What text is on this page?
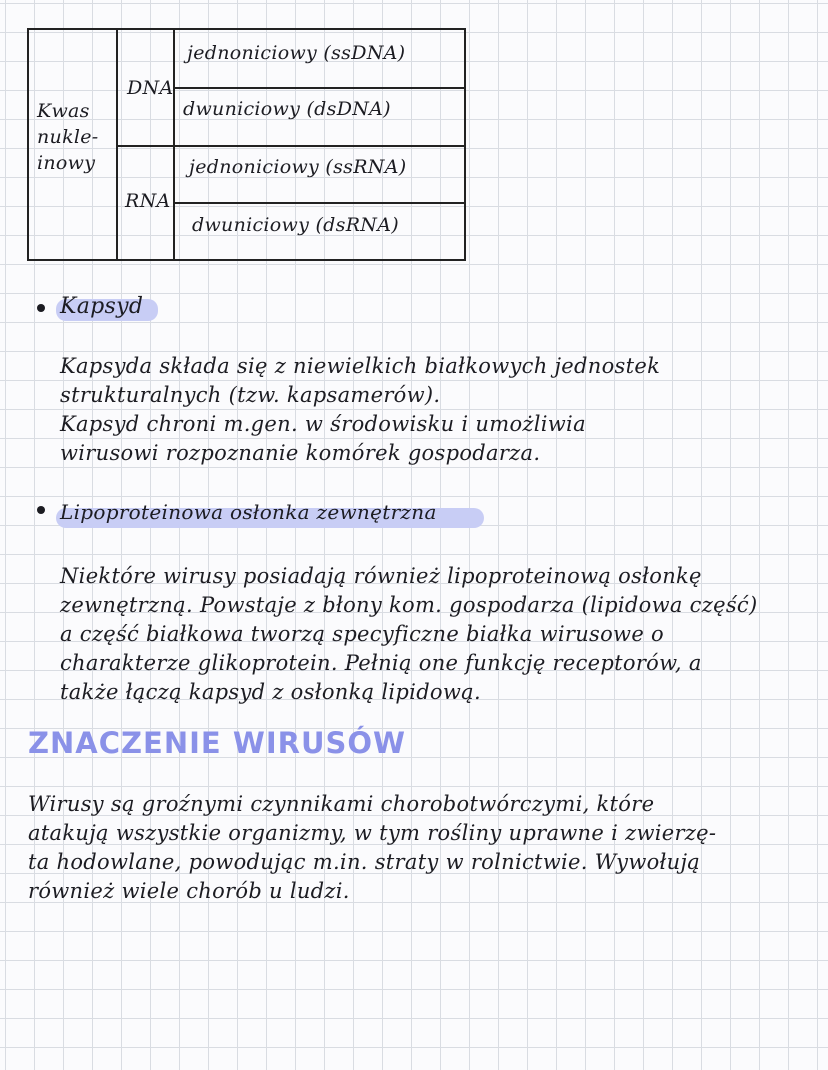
Kwas
nukle-
inowy
DNA
RNA
jednoniciowy (ssDNA)
dwuniciowy (dsDNA)
jednoniciowy (ssRNA)
dwuniciowy (dsRNA)
Kapsyd
Kapsyda składa się z niewielkich białkowych jednostek
strukturalnych (tzw. kapsamerów).
Kapsyd chroni m.gen. w środowisku i umożliwia
wirusowi rozpoznanie komórek gospodarza.
Lipoproteinowa osłonka zewnętrzna
Niektóre wirusy posiadają również lipoproteinową osłonkę
zewnętrzną. Powstaje z błony kom. gospodarza (lipidowa część)
a część białkowa tworzą specyficzne białka wirusowe o
charakterze glikoprotein. Pełnią one funkcję receptorów, a
także łączą kapsyd z osłonką lipidową.
ZNACZENIE WIRUSÓW
Wirusy są groźnymi czynnikami chorobotwórczymi, które
atakują wszystkie organizmy, w tym rośliny uprawne i zwierzę-
ta hodowlane, powodując m.in. straty w rolnictwie. Wywołują
również wiele chorób u ludzi.
